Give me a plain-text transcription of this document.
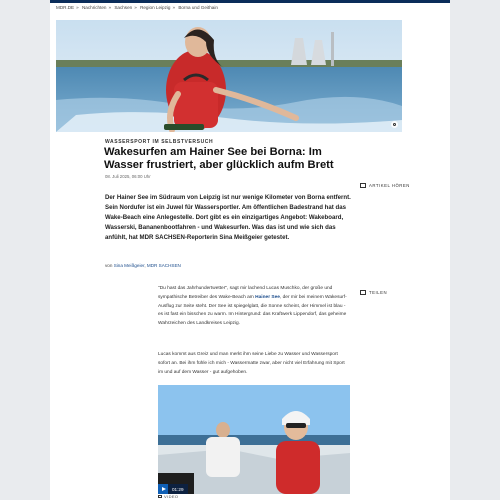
MDR.DE » Nachrichten » Sachsen » Region Leipzig » Borna und Geithain
WASSERSPORT IM SELBSTVERSUCH
Wakesurfen am Hainer See bei Borna: Im Wasser frustriert, aber glücklich aufm Brett
08. Juli 2025, 06:00 Uhr
ARTIKEL HÖREN

Der Hainer See im Südraum von Leipzig ist nur wenige Kilometer von Borna entfernt. Sein Nordufer ist ein Juwel für Wassersportler. Am öffentlichen Badestrand hat das Wake-Beach eine Anlegestelle. Dort gibt es ein einzigartiges Angebot: Wakeboard, Wasserski, Bananenbootfahren - und Wakesurfen. Was das ist und wie sich das anfühlt, hat MDR SACHSEN-Reporterin Sina Meißgeier getestet.

von Sina Meißgeier, MDR SACHSEN
TEILEN

"Du hast das Jahrhundertwetter", sagt mir lachend Lucas Muschko, der große und sympathische Betreiber des Wake-Beach am Hainer See, der mir bei meinem Wakesurf-Ausflug zur Seite steht. Der See ist spiegelglatt, die Sonne scheint, der Himmel ist blau - es ist fast ein bisschen zu warm. Im Hintergrund: das Kraftwerk Lippendorf, das geheime Wahrzeichen des Landkreises Leipzig.

Lucas kommt aus Greiz und man merkt ihm seine Liebe zu Wasser und Wassersport sofort an. Bei ihm fühle ich mich - Wassermatte zwar, aber nicht viel Erfahrung mit Sport im und auf dem Wasser - gut aufgehoben.

01:29
VIDEO
